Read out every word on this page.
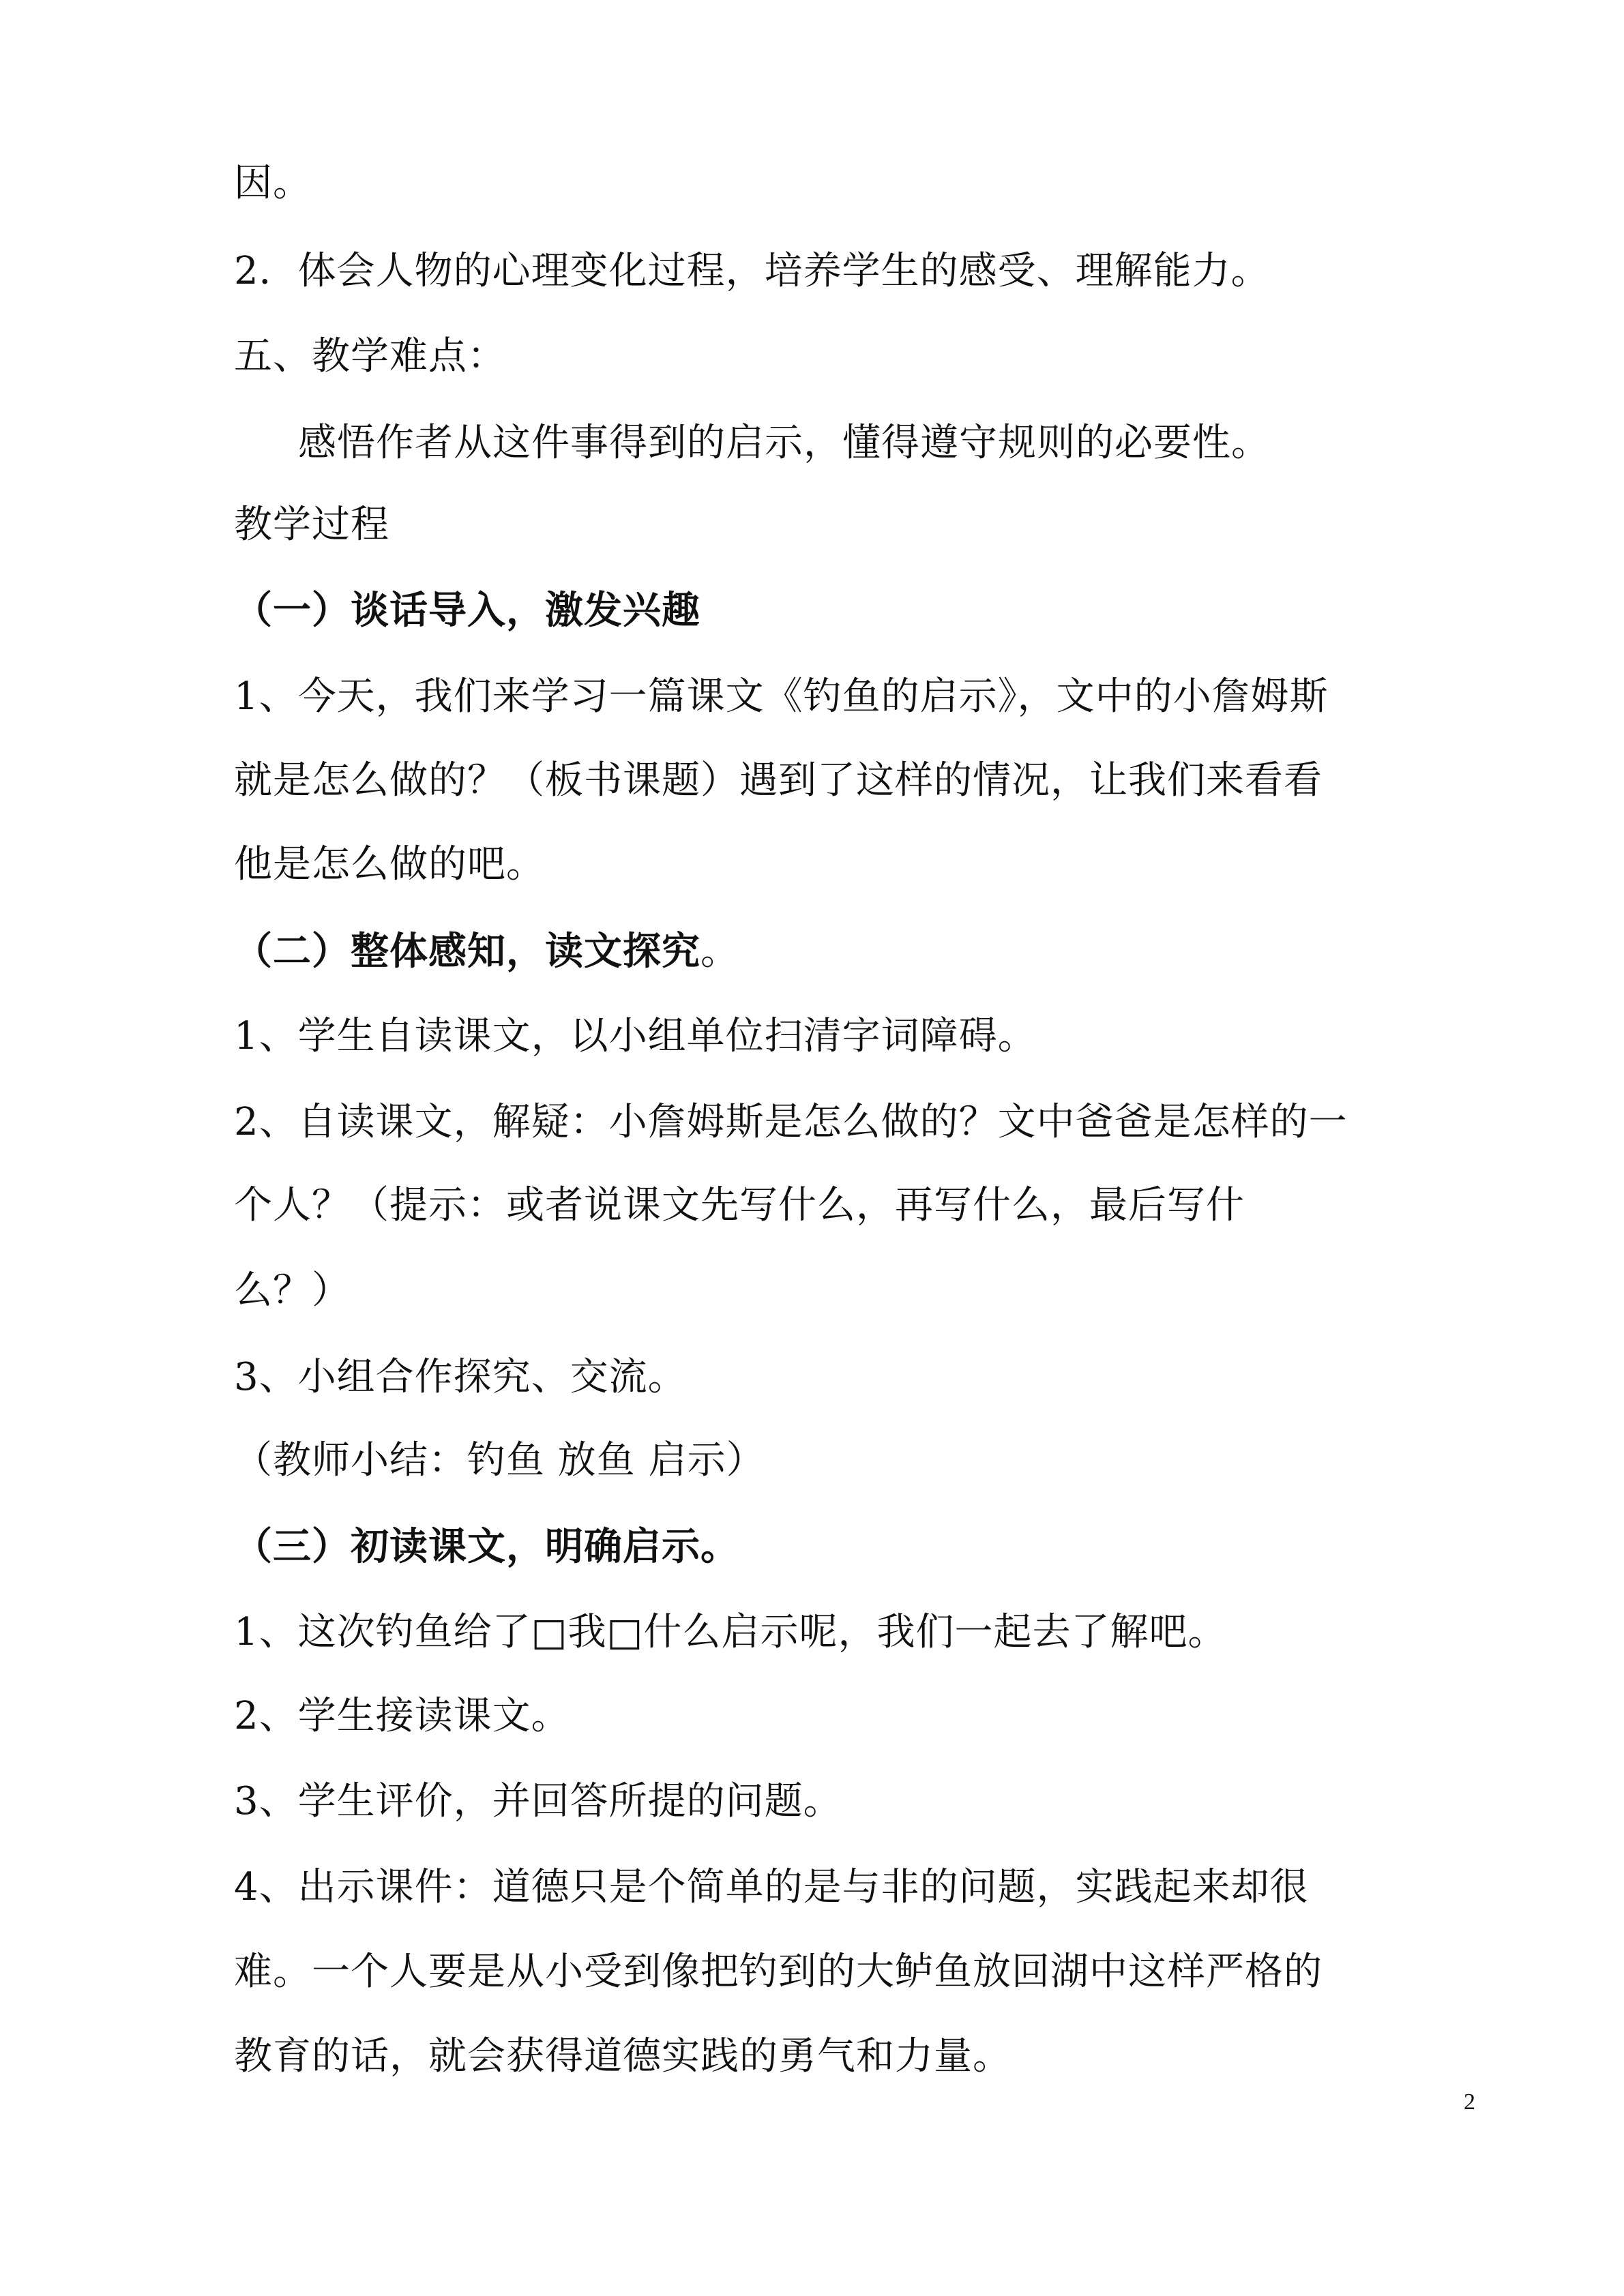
因。
2．体会人物的心理变化过程，培养学生的感受、理解能力。
五、教学难点：
感悟作者从这件事得到的启示，懂得遵守规则的必要性。
教学过程
（一）谈话导入，激发兴趣
1、今天，我们来学习一篇课文《钓鱼的启示》，文中的小詹姆斯
就是怎么做的？（板书课题）遇到了这样的情况，让我们来看看
他是怎么做的吧。
（二）整体感知，读文探究。
1、学生自读课文，以小组单位扫清字词障碍。
2、自读课文，解疑：小詹姆斯是怎么做的？文中爸爸是怎样的一
个人？（提示：或者说课文先写什么，再写什么，最后写什
么？）
3、小组合作探究、交流。
（教师小结：钓鱼 放鱼 启示）
（三）初读课文，明确启示。
1、这次钓鱼给了□我□什么启示呢，我们一起去了解吧。
2、学生接读课文。
3、学生评价，并回答所提的问题。
4、出示课件：道德只是个简单的是与非的问题，实践起来却很
难。一个人要是从小受到像把钓到的大鲈鱼放回湖中这样严格的
教育的话，就会获得道德实践的勇气和力量。
2
